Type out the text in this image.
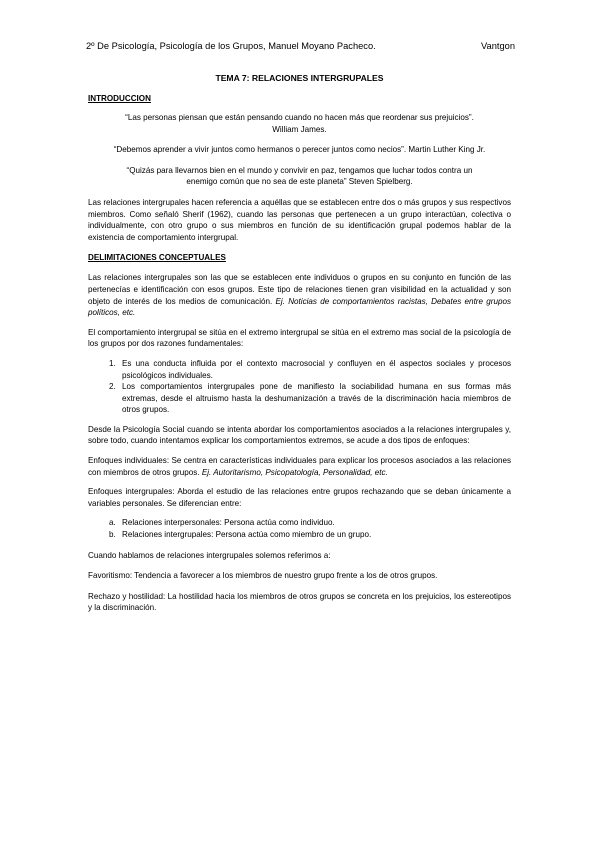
2º De Psicología, Psicología de los Grupos, Manuel Moyano Pacheco.	Vantgon
TEMA 7: RELACIONES INTERGRUPALES
INTRODUCCION
“Las personas piensan que están pensando cuando no hacen más que reordenar sus prejuicios”.
William James.
“Debemos aprender a vivir juntos como hermanos o perecer juntos como necios”. Martin Luther King Jr.
“Quizás para llevarnos bien en el mundo y convivir en paz, tengamos que luchar todos contra un
enemigo común que no sea de este planeta” Steven Spielberg.
Las relaciones intergrupales hacen referencia a aquéllas que se establecen entre dos o más grupos y sus respectivos miembros. Como señaló Sherif (1962), cuando las personas que pertenecen a un grupo interactúan, colectiva o individualmente, con otro grupo o sus miembros en función de su identificación grupal podemos hablar de la existencia de comportamiento intergrupal.
DELIMITACIONES CONCEPTUALES
Las relaciones intergrupales son las que se establecen ente individuos o grupos en su conjunto en función de las pertenecías e identificación con esos grupos. Este tipo de relaciones tienen gran visibilidad en la actualidad y son objeto de interés de los medios de comunicación. Ej. Noticias de comportamientos racistas, Debates entre grupos políticos, etc.
El comportamiento intergrupal se sitúa en el extremo intergrupal se sitúa en el extremo mas social de la psicología de los grupos por dos razones fundamentales:
1. Es una conducta influida por el contexto macrosocial y confluyen en él aspectos sociales y procesos psicológicos individuales.
2. Los comportamientos intergrupales pone de manifiesto la sociabilidad humana en sus formas más extremas, desde el altruismo hasta la deshumanización a través de la discriminación hacia miembros de otros grupos.
Desde la Psicología Social cuando se intenta abordar los comportamientos asociados a la relaciones intergrupales y, sobre todo, cuando intentamos explicar los comportamientos extremos, se acude a dos tipos de enfoques:
Enfoques individuales: Se centra en características individuales para explicar los procesos asociados a las relaciones con miembros de otros grupos. Ej. Autoritarismo, Psicopatología, Personalidad, etc.
Enfoques intergrupales: Aborda el estudio de las relaciones entre grupos rechazando que se deban únicamente a variables personales. Se diferencian entre:
a. Relaciones interpersonales: Persona actúa como individuo.
b. Relaciones intergrupales: Persona actúa como miembro de un grupo.
Cuando hablamos de relaciones intergrupales solemos referimos a:
Favoritismo: Tendencia a favorecer a los miembros de nuestro grupo frente a los de otros grupos.
Rechazo y hostilidad: La hostilidad hacia los miembros de otros grupos se concreta en los prejuicios, los estereotipos y la discriminación.
